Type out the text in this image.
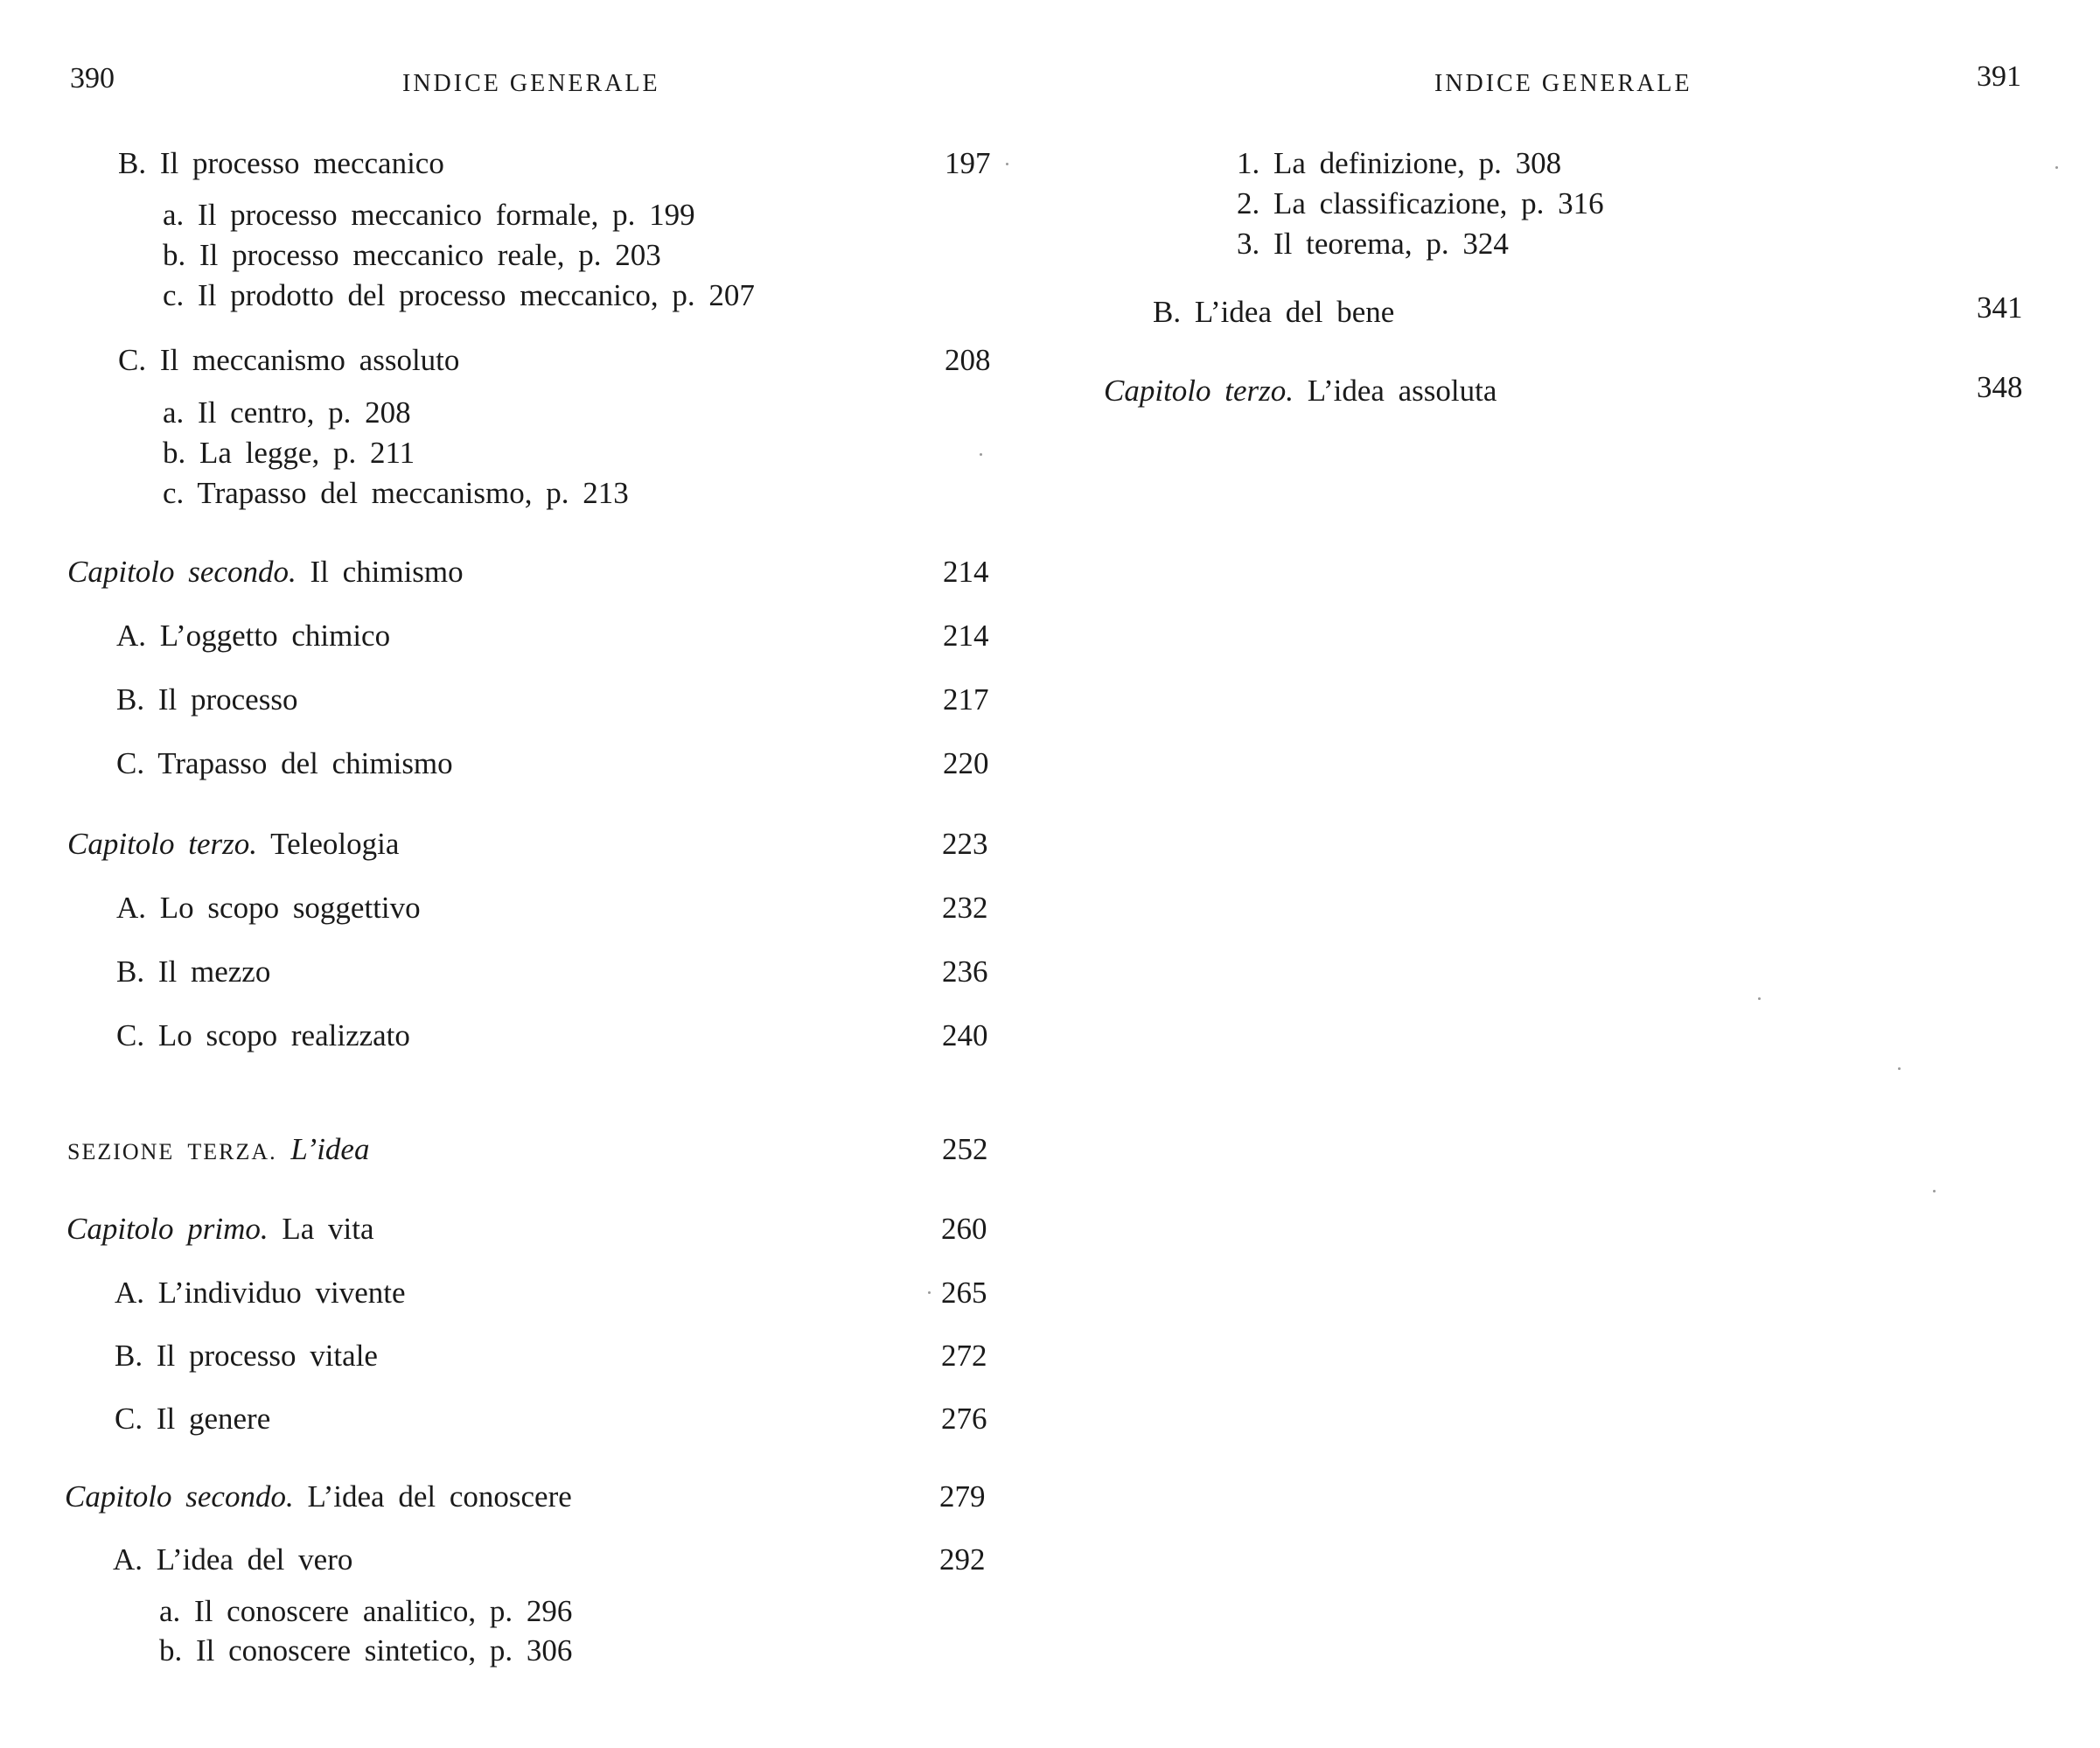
390	INDICE GENERALE
B. Il processo meccanico	197
a. Il processo meccanico formale, p. 199
b. Il processo meccanico reale, p. 203
c. Il prodotto del processo meccanico, p. 207
C. Il meccanismo assoluto	208
a. Il centro, p. 208
b. La legge, p. 211
c. Trapasso del meccanismo, p. 213
Capitolo secondo. Il chimismo	214
A. L’oggetto chimico	214
B. Il processo	217
C. Trapasso del chimismo	220
Capitolo terzo. Teleologia	223
A. Lo scopo soggettivo	232
B. Il mezzo	236
C. Lo scopo realizzato	240
SEZIONE TERZA. L’idea	252
Capitolo primo. La vita	260
A. L’individuo vivente	265
B. Il processo vitale	272
C. Il genere	276
Capitolo secondo. L’idea del conoscere	279
A. L’idea del vero	292
a. Il conoscere analitico, p. 296
b. Il conoscere sintetico, p. 306
INDICE GENERALE	391
1. La definizione, p. 308
2. La classificazione, p. 316
3. Il teorema, p. 324
B. L’idea del bene	341
Capitolo terzo. L’idea assoluta	348
